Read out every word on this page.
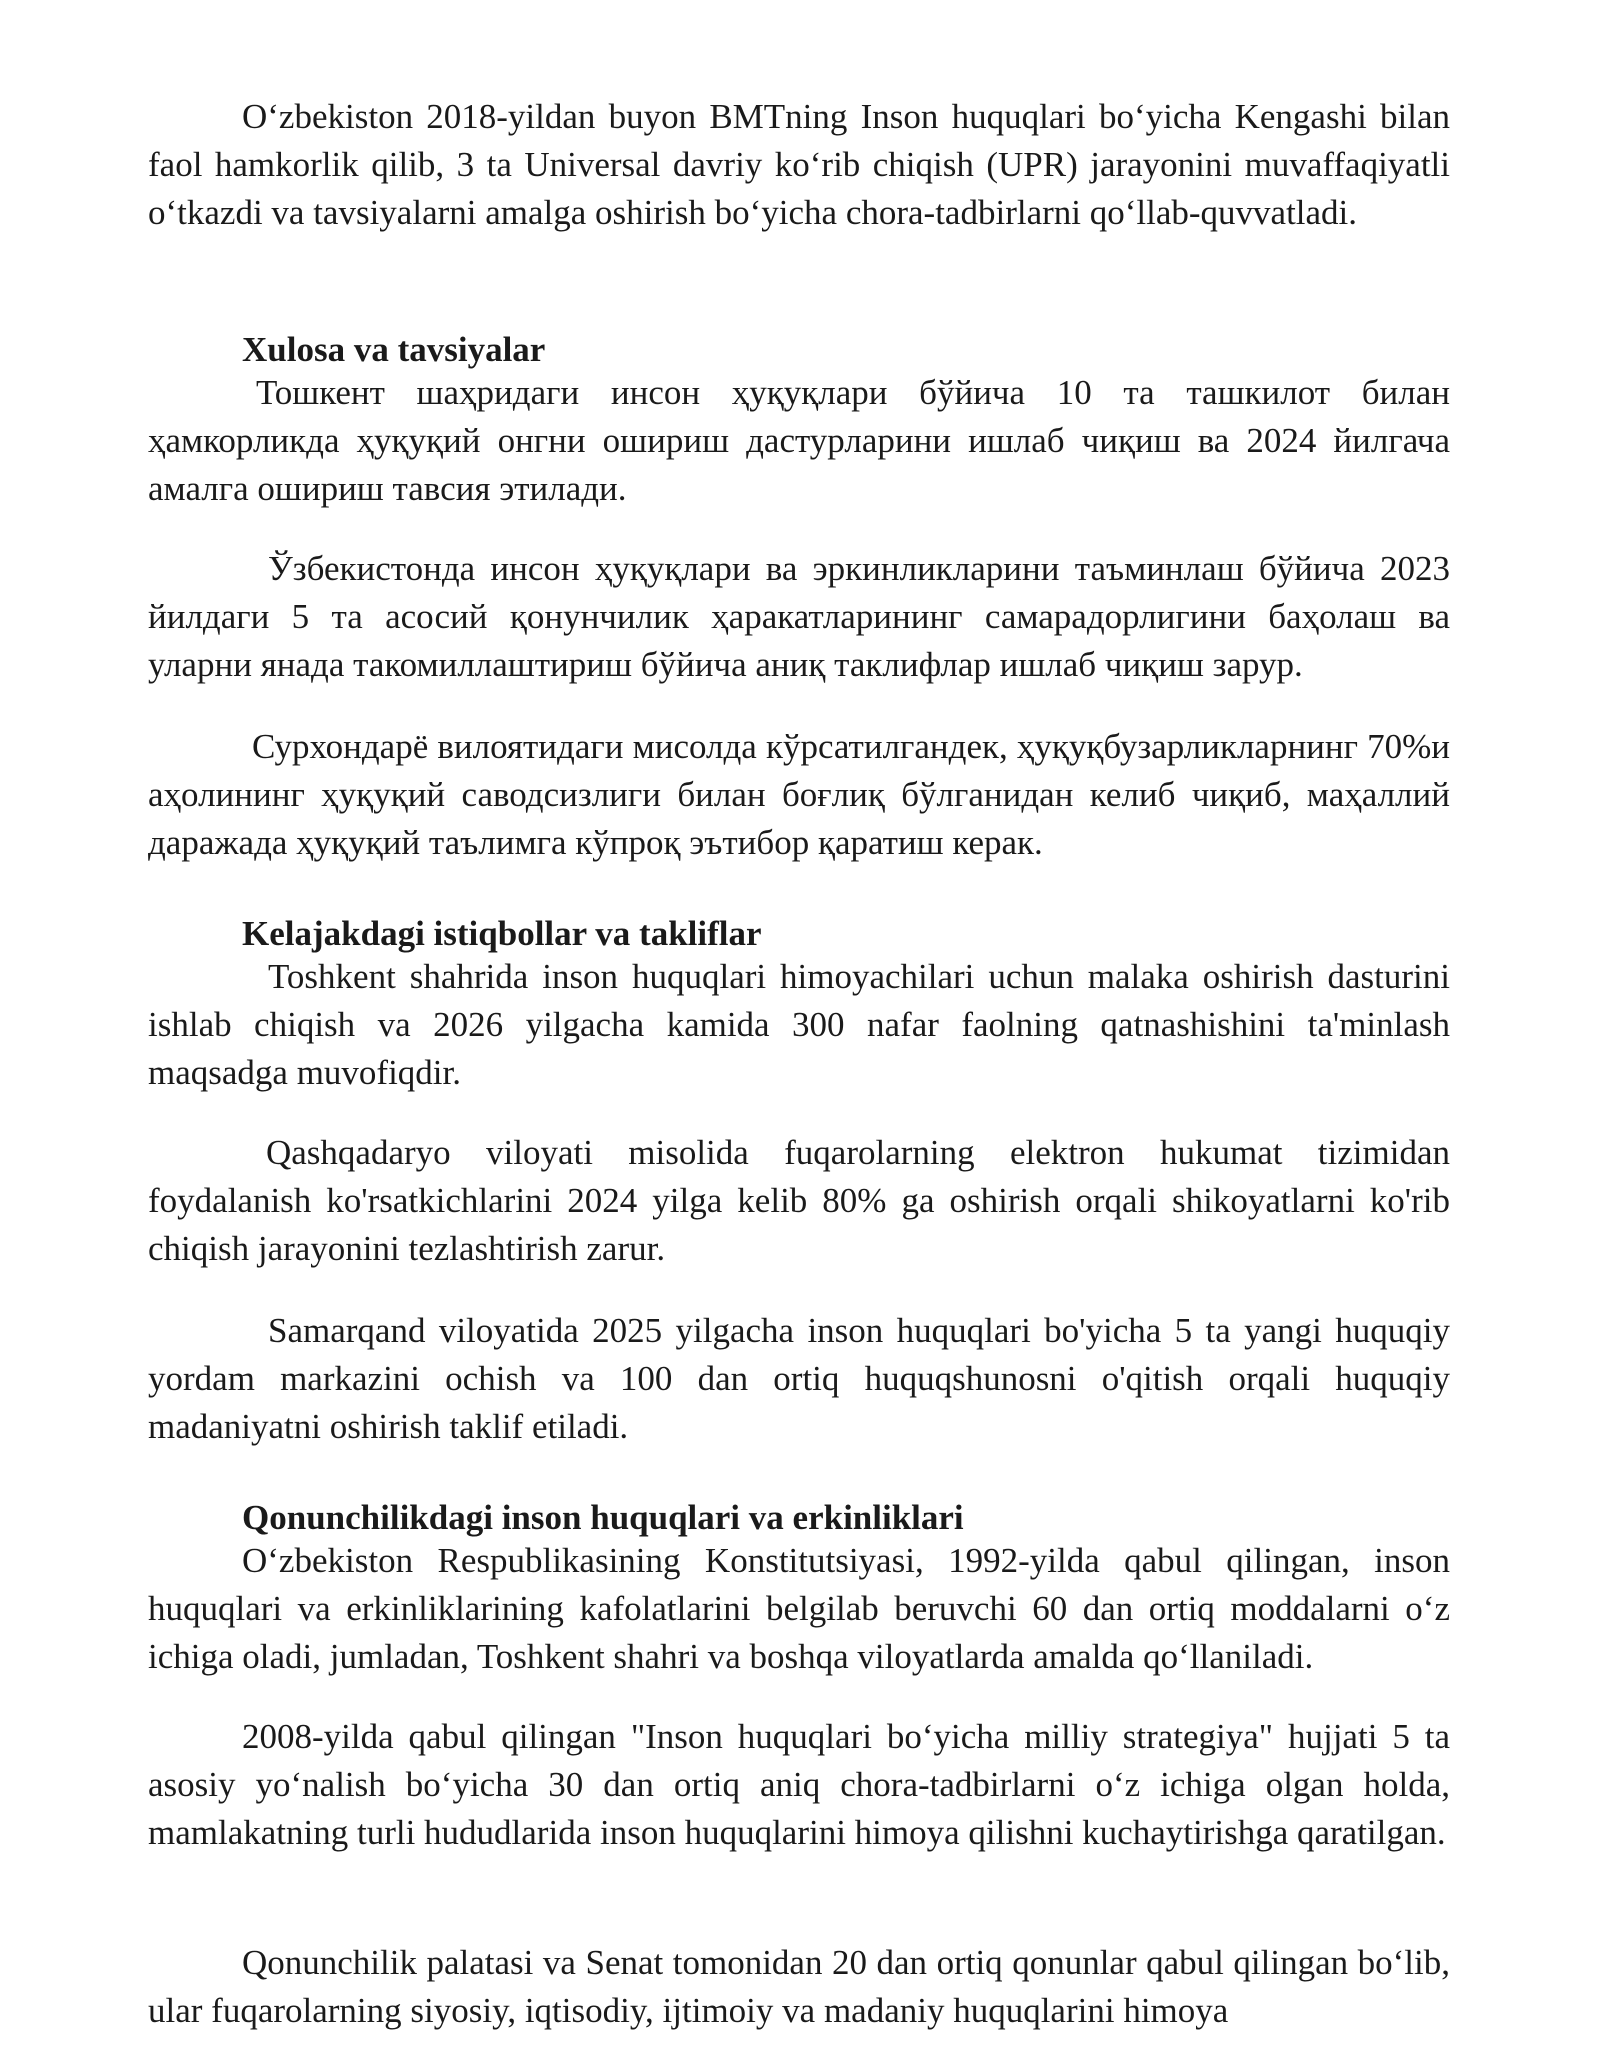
O‘zbekiston 2018-yildan buyon BMTning Inson huquqlari bo‘yicha Kengashi bilan faol hamkorlik qilib, 3 ta Universal davriy ko‘rib chiqish (UPR) jarayonini muvaffaqiyatli o‘tkazdi va tavsiyalarni amalga oshirish bo‘yicha chora-tadbirlarni qo‘llab-quvvatladi.

Xulosa va tavsiyalar

Тошкент шаҳридаги инсон ҳуқуқлари бўйича 10 та ташкилот билан ҳамкорликда ҳуқуқий онгни ошириш дастурларини ишлаб чиқиш ва 2024 йилгача амалга ошириш тавсия этилади.

Ўзбекистонда инсон ҳуқуқлари ва эркинликларини таъминлаш бўйича 2023 йилдаги 5 та асосий қонунчилик ҳаракатларининг самарадорлигини баҳолаш ва уларни янада такомиллаштириш бўйича аниқ таклифлар ишлаб чиқиш зарур.

Сурхондарё вилоятидаги мисолда кўрсатилгандек, ҳуқуқбузарликларнинг 70%и аҳолининг ҳуқуқий саводсизлиги билан боғлиқ бўлганидан келиб чиқиб, маҳаллий даражада ҳуқуқий таълимга кўпроқ эътибор қаратиш керак.

Kelajakdagi istiqbollar va takliflar

Toshkent shahrida inson huquqlari himoyachilari uchun malaka oshirish dasturini ishlab chiqish va 2026 yilgacha kamida 300 nafar faolning qatnashishini ta'minlash maqsadga muvofiqdir.

Qashqadaryo viloyati misolida fuqarolarning elektron hukumat tizimidan foydalanish ko'rsatkichlarini 2024 yilga kelib 80% ga oshirish orqali shikoyatlarni ko'rib chiqish jarayonini tezlashtirish zarur.

Samarqand viloyatida 2025 yilgacha inson huquqlari bo'yicha 5 ta yangi huquqiy yordam markazini ochish va 100 dan ortiq huquqshunosni o'qitish orqali huquqiy madaniyatni oshirish taklif etiladi.

Qonunchilikdagi inson huquqlari va erkinliklari

O‘zbekiston Respublikasining Konstitutsiyasi, 1992-yilda qabul qilingan, inson huquqlari va erkinliklarining kafolatlarini belgilab beruvchi 60 dan ortiq moddalarni o‘z ichiga oladi, jumladan, Toshkent shahri va boshqa viloyatlarda amalda qo‘llaniladi.

2008-yilda qabul qilingan "Inson huquqlari bo‘yicha milliy strategiya" hujjati 5 ta asosiy yo‘nalish bo‘yicha 30 dan ortiq aniq chora-tadbirlarni o‘z ichiga olgan holda, mamlakatning turli hududlarida inson huquqlarini himoya qilishni kuchaytirishga qaratilgan.

Qonunchilik palatasi va Senat tomonidan 20 dan ortiq qonunlar qabul qilingan bo‘lib, ular fuqarolarning siyosiy, iqtisodiy, ijtimoiy va madaniy huquqlarini himoya
